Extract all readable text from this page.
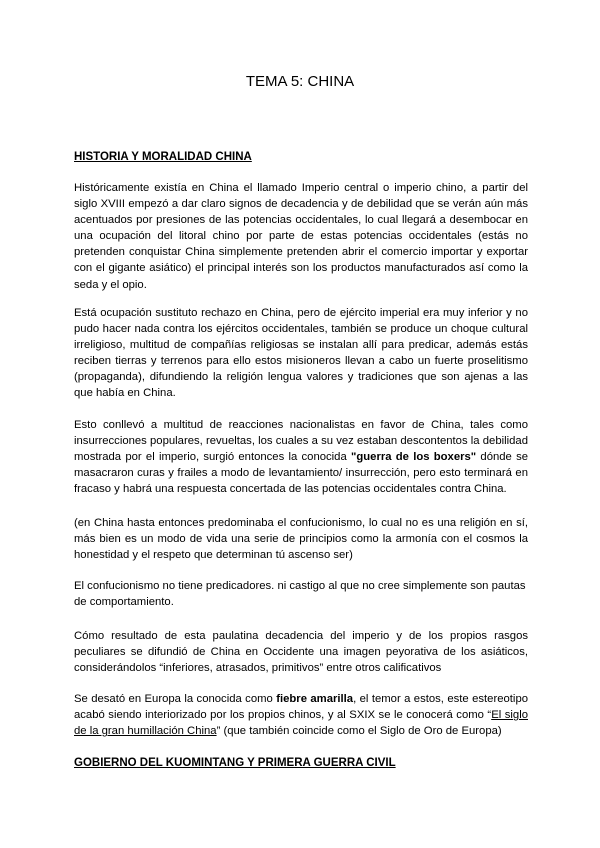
TEMA 5: CHINA
HISTORIA Y MORALIDAD CHINA
Históricamente existía en China el llamado Imperio central o imperio chino, a partir del siglo XVIII empezó a dar claro signos de decadencia y de debilidad que se verán aún más acentuados por presiones de las potencias occidentales, lo cual llegará a desembocar en una ocupación del litoral chino por parte de estas potencias occidentales (estás no pretenden conquistar China simplemente pretenden abrir el comercio importar y exportar con el gigante asiático) el principal interés son los productos manufacturados así como la seda y el opio.
Está ocupación sustituto rechazo en China, pero de ejército imperial era muy inferior y no pudo hacer nada contra los ejércitos occidentales, también se produce un choque cultural irreligioso, multitud de compañías religiosas se instalan allí para predicar, además estás reciben tierras y terrenos para ello estos misioneros llevan a cabo un fuerte proselitismo (propaganda), difundiendo la religión lengua valores y tradiciones que son ajenas a las que había en China.
Esto conllevó a multitud de reacciones nacionalistas en favor de China, tales como insurrecciones populares, revueltas, los cuales a su vez estaban descontentos la debilidad mostrada por el imperio, surgió entonces la conocida "guerra de los boxers" dónde se masacraron curas y frailes a modo de levantamiento/ insurrección, pero esto terminará en fracaso y habrá una respuesta concertada de las potencias occidentales contra China.
(en China hasta entonces predominaba el confucionismo, lo cual no es una religión en sí, más bien es un modo de vida una serie de principios como la armonía con el cosmos la honestidad y el respeto que determinan tú ascenso ser)
El confucionismo no tiene predicadores. ni castigo al que no cree simplemente son pautas de comportamiento.
Cómo resultado de esta paulatina decadencia del imperio y de los propios rasgos peculiares se difundió de China en Occidente una imagen peyorativa de los asiáticos, considerándolos “inferiores, atrasados, primitivos” entre otros calificativos
Se desató en Europa la conocida como fiebre amarilla, el temor a estos, este estereotipo acabó siendo interiorizado por los propios chinos, y al SXIX se le conocerá como “El siglo de la gran humillación China” (que también coincide como el Siglo de Oro de Europa)
GOBIERNO DEL KUOMINTANG Y PRIMERA GUERRA CIVIL
